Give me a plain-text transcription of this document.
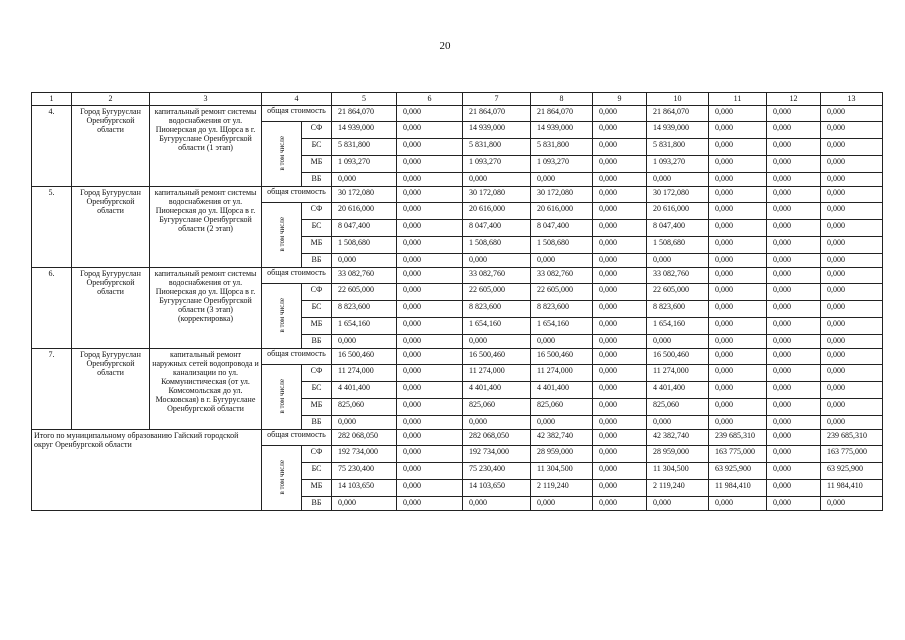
20
1	2	3	4		5	6	7	8	9	10	11	12	13
4.	Город Бугуруслан Оренбургской области	капитальный ремонт системы водоснабжения от ул. Пионерская до ул. Щорса в г. Бугуруслане Оренбургской области (1 этап)	общая стоимость		21 864,070	0,000	21 864,070	21 864,070	0,000	21 864,070	0,000	0,000	0,000
			в том числе	СФ	14 939,000	0,000	14 939,000	14 939,000	0,000	14 939,000	0,000	0,000	0,000
				БС	5 831,800	0,000	5 831,800	5 831,800	0,000	5 831,800	0,000	0,000	0,000
				МБ	1 093,270	0,000	1 093,270	1 093,270	0,000	1 093,270	0,000	0,000	0,000
				ВБ	0,000	0,000	0,000	0,000	0,000	0,000	0,000	0,000	0,000
5.	Город Бугуруслан Оренбургской области	капитальный ремонт системы водоснабжения от ул. Пионерская до ул. Щорса в г. Бугуруслане Оренбургской области (2 этап)	общая стоимость		30 172,080	0,000	30 172,080	30 172,080	0,000	30 172,080	0,000	0,000	0,000
			в том числе	СФ	20 616,000	0,000	20 616,000	20 616,000	0,000	20 616,000	0,000	0,000	0,000
				БС	8 047,400	0,000	8 047,400	8 047,400	0,000	8 047,400	0,000	0,000	0,000
				МБ	1 508,680	0,000	1 508,680	1 508,680	0,000	1 508,680	0,000	0,000	0,000
				ВБ	0,000	0,000	0,000	0,000	0,000	0,000	0,000	0,000	0,000
6.	Город Бугуруслан Оренбургской области	капитальный ремонт системы водоснабжения от ул. Пионерская до ул. Щорса в г. Бугуруслане Оренбургской области (3 этап) (корректировка)	общая стоимость		33 082,760	0,000	33 082,760	33 082,760	0,000	33 082,760	0,000	0,000	0,000
			в том числе	СФ	22 605,000	0,000	22 605,000	22 605,000	0,000	22 605,000	0,000	0,000	0,000
				БС	8 823,600	0,000	8 823,600	8 823,600	0,000	8 823,600	0,000	0,000	0,000
				МБ	1 654,160	0,000	1 654,160	1 654,160	0,000	1 654,160	0,000	0,000	0,000
				ВБ	0,000	0,000	0,000	0,000	0,000	0,000	0,000	0,000	0,000
7.	Город Бугуруслан Оренбургской области	капитальный ремонт наружных сетей водопровода и канализации по ул. Коммунистическая (от ул. Комсомольская до ул. Московская) в г. Бугуруслане Оренбургской области	общая стоимость		16 500,460	0,000	16 500,460	16 500,460	0,000	16 500,460	0,000	0,000	0,000
			в том числе	СФ	11 274,000	0,000	11 274,000	11 274,000	0,000	11 274,000	0,000	0,000	0,000
				БС	4 401,400	0,000	4 401,400	4 401,400	0,000	4 401,400	0,000	0,000	0,000
				МБ	825,060	0,000	825,060	825,060	0,000	825,060	0,000	0,000	0,000
				ВБ	0,000	0,000	0,000	0,000	0,000	0,000	0,000	0,000	0,000
Итого по муниципальному образованию Гайский городской округ Оренбургской области			общая стоимость		282 068,050	0,000	282 068,050	42 382,740	0,000	42 382,740	239 685,310	0,000	239 685,310
			в том числе	СФ	192 734,000	0,000	192 734,000	28 959,000	0,000	28 959,000	163 775,000	0,000	163 775,000
				БС	75 230,400	0,000	75 230,400	11 304,500	0,000	11 304,500	63 925,900	0,000	63 925,900
				МБ	14 103,650	0,000	14 103,650	2 119,240	0,000	2 119,240	11 984,410	0,000	11 984,410
				ВБ	0,000	0,000	0,000	0,000	0,000	0,000	0,000	0,000	0,000
